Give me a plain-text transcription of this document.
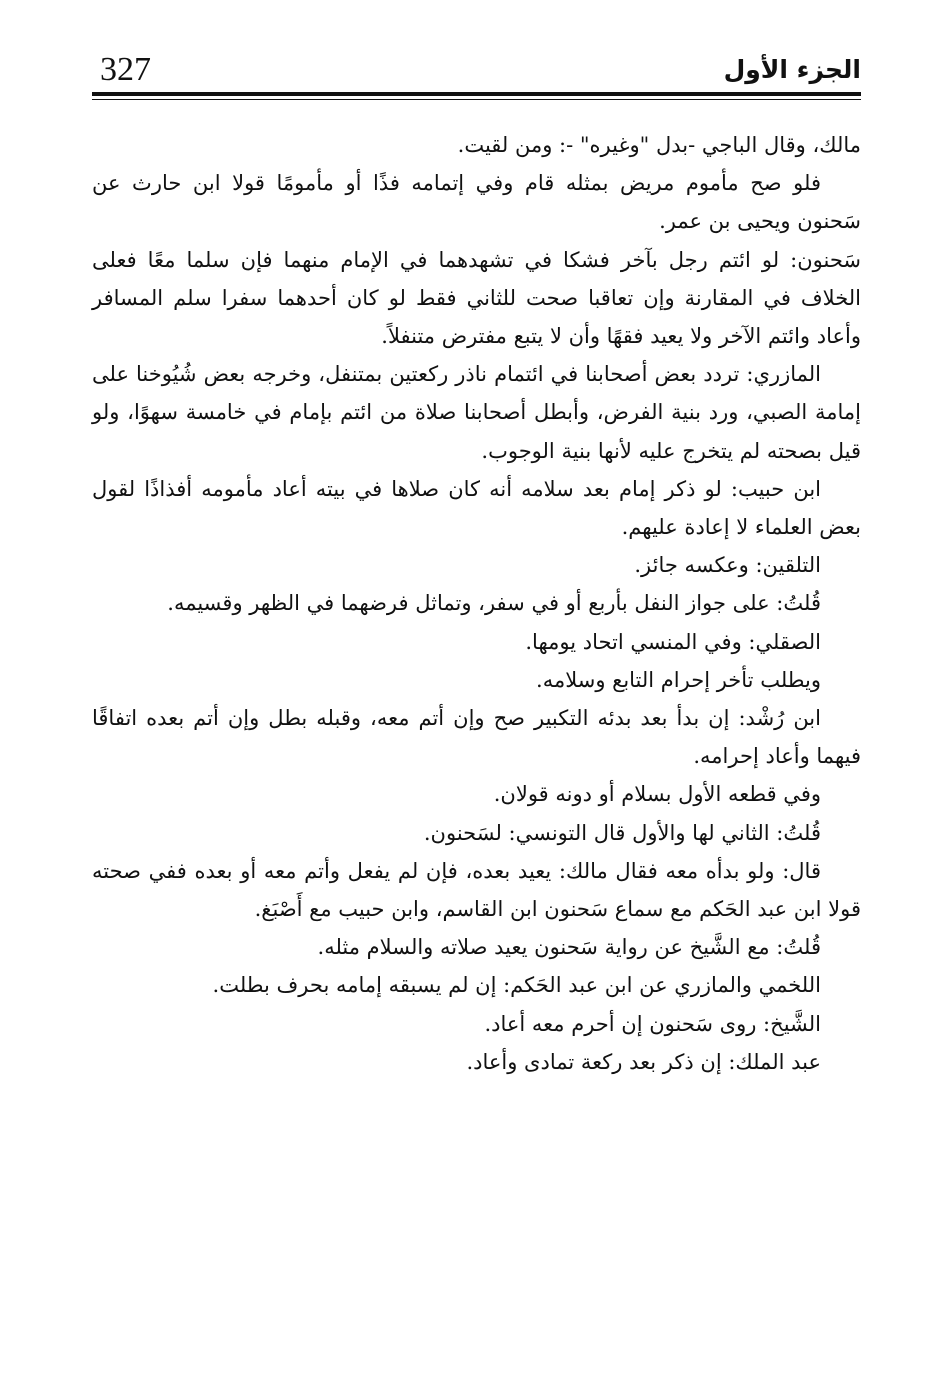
327	الجزء الأول

مالك، وقال الباجي -بدل "وغيره" -: ومن لقيت.

فلو صح مأموم مريض بمثله قام وفي إتمامه فذًا أو مأمومًا قولا ابن حارث عن سَحنون ويحيى بن عمر.

سَحنون: لو ائتم رجل بآخر فشكا في تشهدهما في الإمام منهما فإن سلما معًا فعلى الخلاف في المقارنة وإن تعاقبا صحت للثاني فقط لو كان أحدهما سفرا سلم المسافر وأعاد وائتم الآخر ولا يعيد فقهًا وأن لا يتبع مفترض متنفلاً.

المازري: تردد بعض أصحابنا في ائتمام ناذر ركعتين بمتنفل، وخرجه بعض شُيُوخنا على إمامة الصبي، ورد بنية الفرض، وأبطل أصحابنا صلاة من ائتم بإمام في خامسة سهوًا، ولو قيل بصحته لم يتخرج عليه لأنها بنية الوجوب.

ابن حبيب: لو ذكر إمام بعد سلامه أنه كان صلاها في بيته أعاد مأمومه أفذاذًا لقول بعض العلماء لا إعادة عليهم.

التلقين: وعكسه جائز.

قُلتُ: على جواز النفل بأربع أو في سفر، وتماثل فرضهما في الظهر وقسيمه.

الصقلي: وفي المنسي اتحاد يومها.

ويطلب تأخر إحرام التابع وسلامه.

ابن رُشْد: إن بدأ بعد بدئه التكبير صح وإن أتم معه، وقبله بطل وإن أتم بعده اتفاقًا فيهما وأعاد إحرامه.

وفي قطعه الأول بسلام أو دونه قولان.

قُلتُ: الثاني لها والأول قال التونسي: لسَحنون.

قال: ولو بدأه معه فقال مالك: يعيد بعده، فإن لم يفعل وأتم معه أو بعده ففي صحته قولا ابن عبد الحَكم مع سماع سَحنون ابن القاسم، وابن حبيب مع أَصْبَغ.

قُلتُ: مع الشَّيخ عن رواية سَحنون يعيد صلاته والسلام مثله.

اللخمي والمازري عن ابن عبد الحَكم: إن لم يسبقه إمامه بحرف بطلت.

الشَّيخ: روى سَحنون إن أحرم معه أعاد.

عبد الملك: إن ذكر بعد ركعة تمادى وأعاد.
